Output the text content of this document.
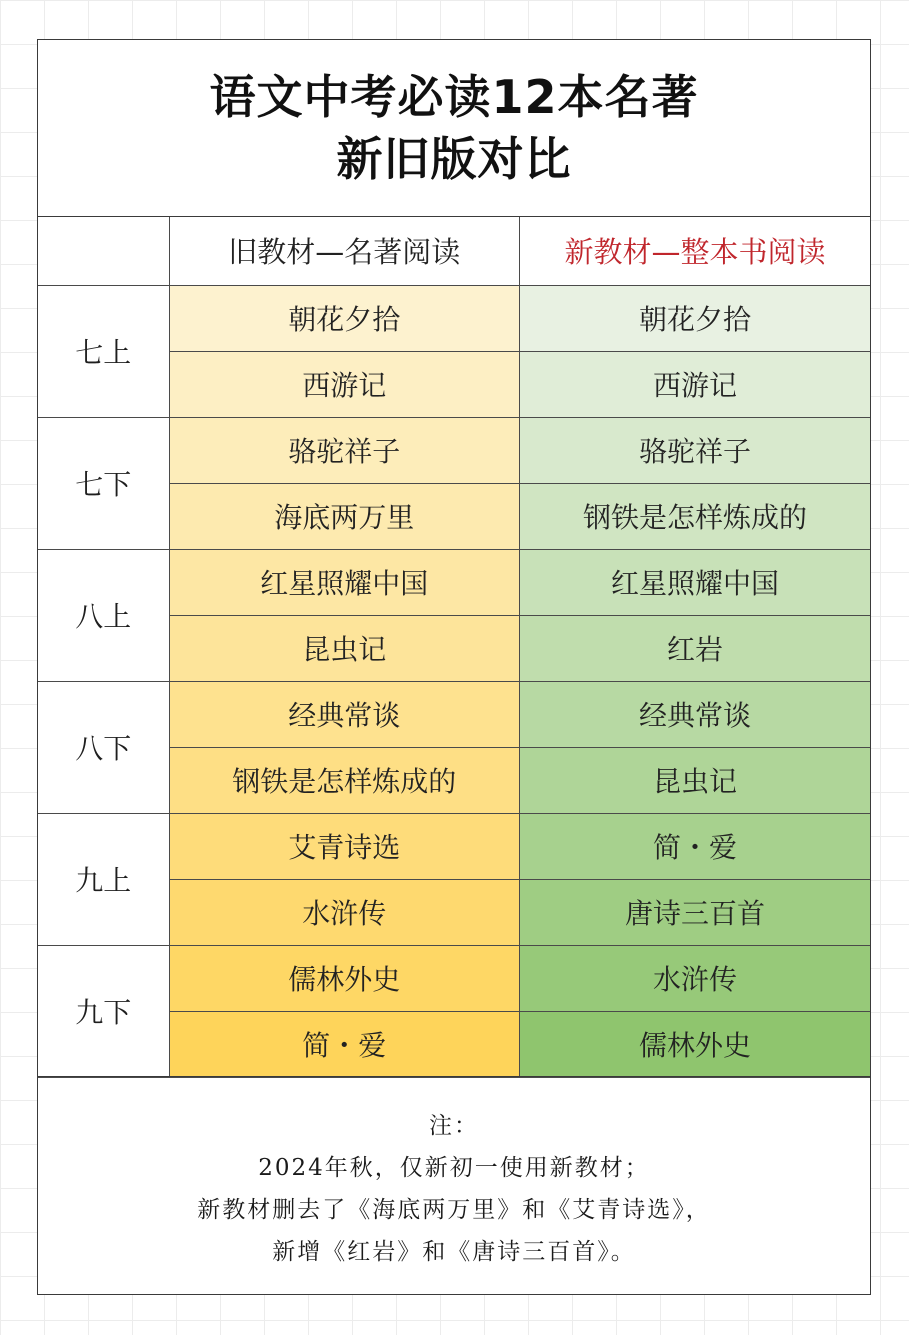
语文中考必读12本名著
新旧版对比
	旧教材—名著阅读	新教材—整本书阅读
七上	朝花夕拾	朝花夕拾
	西游记	西游记
七下	骆驼祥子	骆驼祥子
	海底两万里	钢铁是怎样炼成的
八上	红星照耀中国	红星照耀中国
	昆虫记	红岩
八下	经典常谈	经典常谈
	钢铁是怎样炼成的	昆虫记
九上	艾青诗选	简・爱
	水浒传	唐诗三百首
九下	儒林外史	水浒传
	简・爱	儒林外史
注：
2024年秋，仅新初一使用新教材；
新教材删去了《海底两万里》和《艾青诗选》，
新增《红岩》和《唐诗三百首》。
